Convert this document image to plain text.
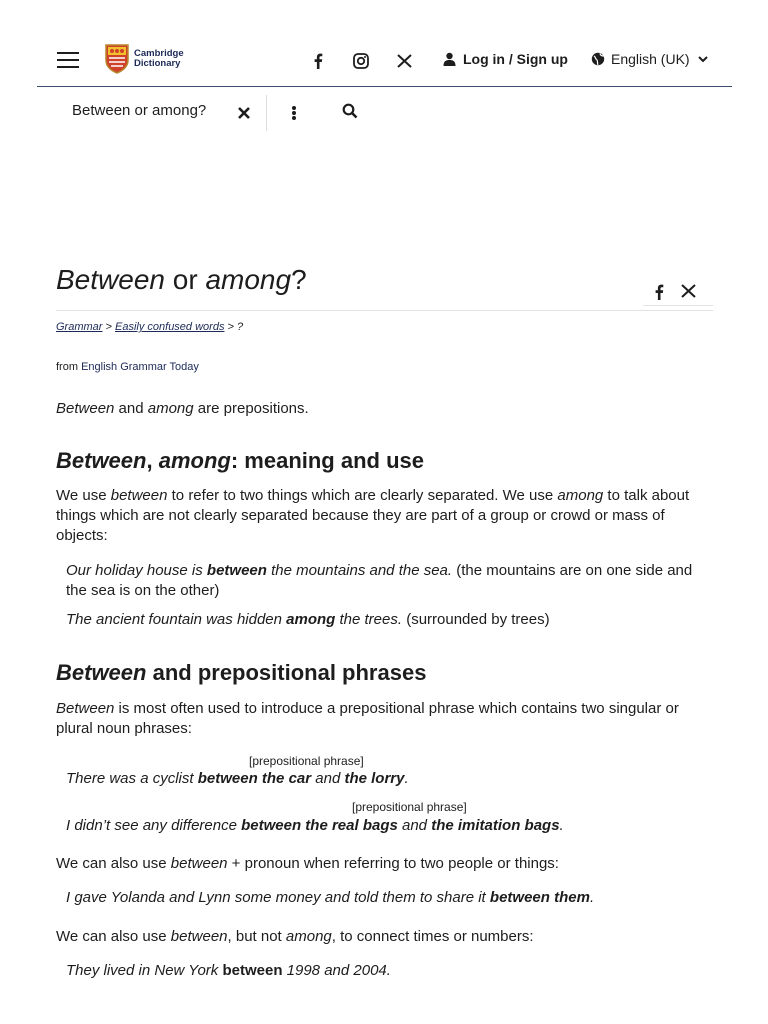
Cambridge
Dictionary	Log in / Sign up	English (UK)
Between or among?
Between or among?
Grammar > Easily confused words > ?
from English Grammar Today

Between and among are prepositions.

Between, among: meaning and use

We use between to refer to two things which are clearly separated. We use among to talk about things which are not clearly separated because they are part of a group or crowd or mass of objects:

Our holiday house is between the mountains and the sea. (the mountains are on one side and the sea is on the other)

The ancient fountain was hidden among the trees. (surrounded by trees)

Between and prepositional phrases

Between is most often used to introduce a prepositional phrase which contains two singular or plural noun phrases:

[prepositional phrase]

There was a cyclist between the car and the lorry.

[prepositional phrase]

I didn’t see any difference between the real bags and the imitation bags.

We can also use between + pronoun when referring to two people or things:

I gave Yolanda and Lynn some money and told them to share it between them.

We can also use between, but not among, to connect times or numbers:

They lived in New York between 1998 and 2004.
